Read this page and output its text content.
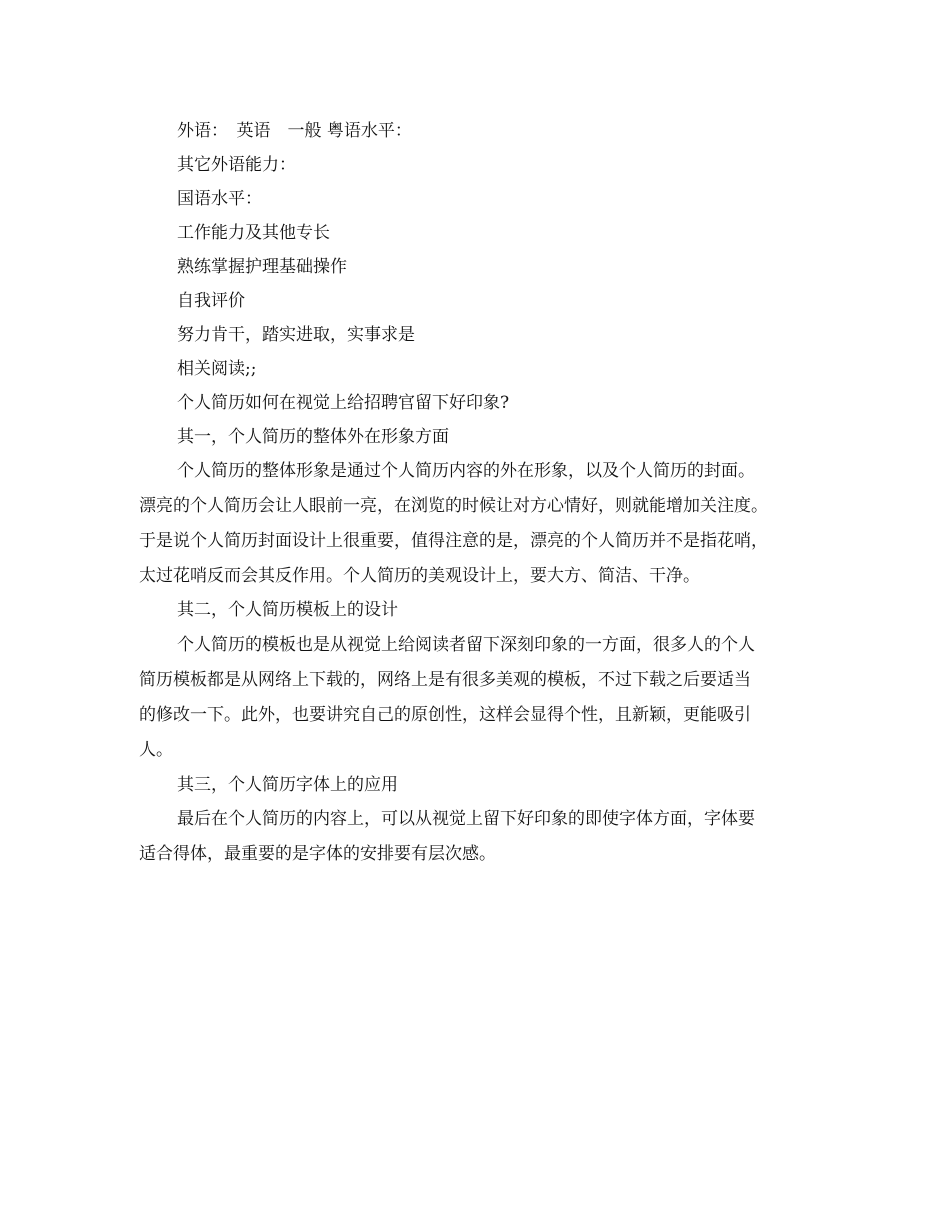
外语：　英语　一般 粤语水平：
其它外语能力：
国语水平：
工作能力及其他专长
熟练掌握护理基础操作
自我评价
努力肯干，踏实进取，实事求是
相关阅读;;
个人简历如何在视觉上给招聘官留下好印象?
其一，个人简历的整体外在形象方面
个人简历的整体形象是通过个人简历内容的外在形象，以及个人简历的封面。
漂亮的个人简历会让人眼前一亮，在浏览的时候让对方心情好，则就能增加关注度。
于是说个人简历封面设计上很重要，值得注意的是，漂亮的个人简历并不是指花哨，
太过花哨反而会其反作用。个人简历的美观设计上，要大方、简洁、干净。
其二，个人简历模板上的设计
个人简历的模板也是从视觉上给阅读者留下深刻印象的一方面，很多人的个人
简历模板都是从网络上下载的，网络上是有很多美观的模板，不过下载之后要适当
的修改一下。此外，也要讲究自己的原创性，这样会显得个性，且新颖，更能吸引
人。
其三，个人简历字体上的应用
最后在个人简历的内容上，可以从视觉上留下好印象的即使字体方面，字体要
适合得体，最重要的是字体的安排要有层次感。
